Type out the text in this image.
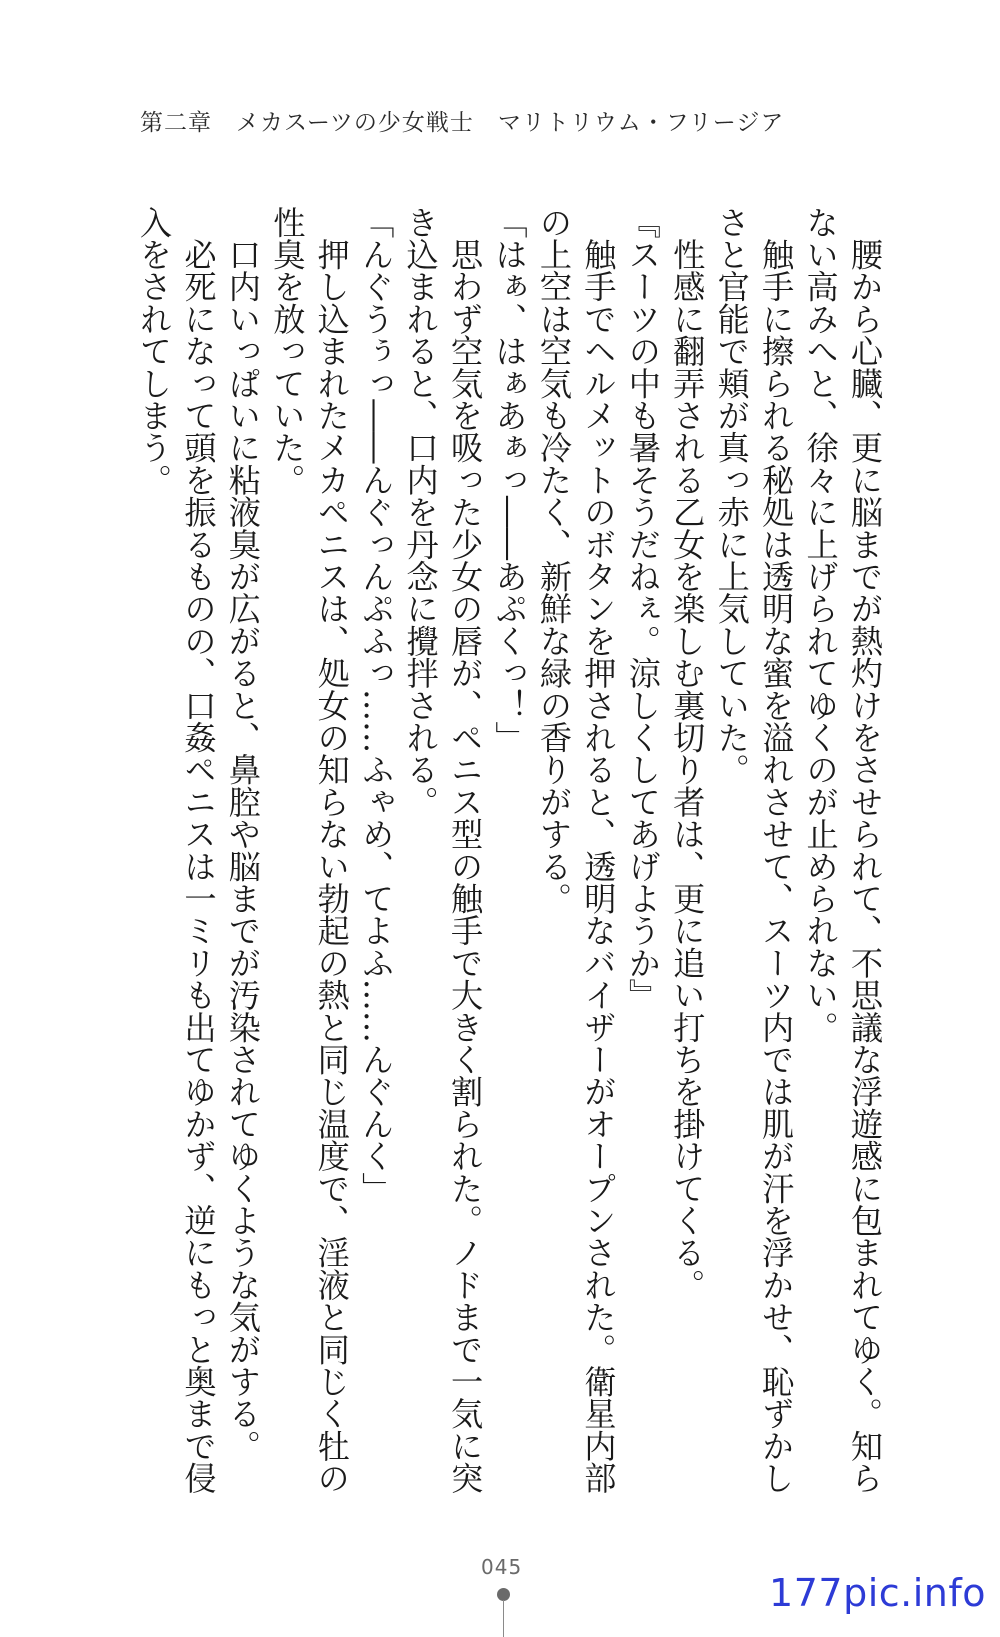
第二章　メカスーツの少女戦士　マリトリウム・フリージア
　腰から心臓、更に脳までが熱灼けをさせられて、不思議な浮遊感に包まれてゆく。知ら
ない高みへと、徐々に上げられてゆくのが止められない。
　触手に擦られる秘処は透明な蜜を溢れさせて、スーツ内では肌が汗を浮かせ、恥ずかし
さと官能で頬が真っ赤に上気していた。
　性感に翻弄される乙女を楽しむ裏切り者は、更に追い打ちを掛けてくる。
『スーツの中も暑そうだねぇ。涼しくしてあげようか』
　触手でヘルメットのボタンを押されると、透明なバイザーがオープンされた。衛星内部
の上空は空気も冷たく、新鮮な緑の香りがする。
「はぁ、はぁあぁっ――あぷくっ！」
　思わず空気を吸った少女の唇が、ペニス型の触手で大きく割られた。ノドまで一気に突
き込まれると、口内を丹念に攪拌される。
「んぐうぅっ――んぐっんぷふっ……ふゃめ、てよふ……んぐんく」
　押し込まれたメカペニスは、処女の知らない勃起の熱と同じ温度で、淫液と同じく牡の
性臭を放っていた。
　口内いっぱいに粘液臭が広がると、鼻腔や脳までが汚染されてゆくような気がする。
　必死になって頭を振るものの、口姦ペニスは一ミリも出てゆかず、逆にもっと奥まで侵
入をされてしまう。
045
177pic.info
